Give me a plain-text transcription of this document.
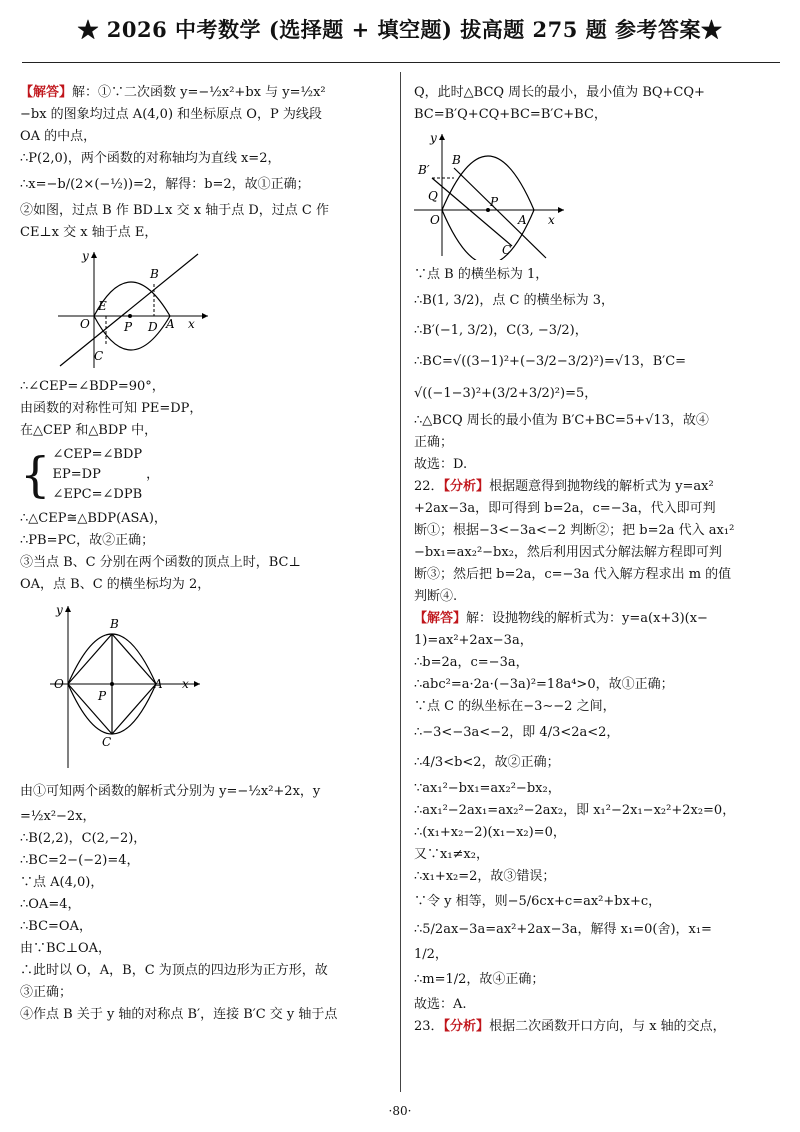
★ 2026 中考数学 (选择题 + 填空题) 拔高题 275 题 参考答案★
【解答】解：①∵二次函数 y=−½x²+bx 与 y=½x²
−bx 的图象均过点 A(4,0) 和坐标原点 O，P 为线段
OA 的中点，
∴P(2,0)，两个函数的对称轴均为直线 x=2，
∴x=−b/(2×(−½))=2，解得：b=2，故①正确；
②如图，过点 B 作 BD⊥x 交 x 轴于点 D，过点 C 作
CE⊥x 交 x 轴于点 E，
y
B
E
O	P D A x
C
∴∠CEP=∠BDP=90°，
由函数的对称性可知 PE=DP，
在△CEP 和△BDP 中，
{ ∠CEP=∠BDP
EP=DP
∠EPC=∠DPB
，
∴△CEP≅△BDP(ASA)，
∴PB=PC，故②正确；
③当点 B、C 分别在两个函数的顶点上时，BC⊥
OA，点 B、C 的横坐标均为 2，
y
B
O
P
A x
C
由①可知两个函数的解析式分别为 y=−½x²+2x，y
=½x²−2x，
∴B(2,2)，C(2,−2)，
∴BC=2−(−2)=4，
∵点 A(4,0)，
∴OA=4，
∴BC=OA，
由∵BC⊥OA，
∴此时以 O，A，B，C 为顶点的四边形为正方形，故
③正确；
④作点 B 关于 y 轴的对称点 B′，连接 B′C 交 y 轴于点
Q，此时△BCQ 周长的最小，最小值为 BQ+CQ+
BC=B′Q+CQ+BC=B′C+BC，
y
B′
B
Q	P
O	A x
C
∵点 B 的横坐标为 1，
∴B(1, 3/2)，点 C 的横坐标为 3，
∴B′(−1, 3/2)，C(3, −3/2)，
∴BC=√((3−1)²+(−3/2−3/2)²)=√13，B′C=
√((−1−3)²+(3/2+3/2)²)=5，
∴△BCQ 周长的最小值为 B′C+BC=5+√13，故④
正确；
故选：D.
22．【分析】根据题意得到抛物线的解析式为 y=ax²
+2ax−3a，即可得到 b=2a，c=−3a，代入即可判
断①；根据−3<−3a<−2 判断②；把 b=2a 代入 ax₁²
−bx₁=ax₂²−bx₂，然后利用因式分解法解方程即可判
断③；然后把 b=2a，c=−3a 代入解方程求出 m 的值
判断④.
【解答】解：设抛物线的解析式为：y=a(x+3)(x−
1)=ax²+2ax−3a，
∴b=2a，c=−3a，
∴abc²=a·2a·(−3a)²=18a⁴>0，故①正确；
∵点 C 的纵坐标在−3∼−2 之间，
∴−3<−3a<−2，即 4/3<2a<2，
∴4/3<b<2，故②正确；
∵ax₁²−bx₁=ax₂²−bx₂，
∴ax₁²−2ax₁=ax₂²−2ax₂，即 x₁²−2x₁−x₂²+2x₂=0，
∴(x₁+x₂−2)(x₁−x₂)=0，
又∵x₁≠x₂，
∴x₁+x₂=2，故③错误；
∵令 y 相等，则−5/6cx+c=ax²+bx+c，
∴5/2ax−3a=ax²+2ax−3a，解得 x₁=0(舍)，x₁=
1/2，
∴m=1/2，故④正确；
故选：A.
23．【分析】根据二次函数开口方向，与 x 轴的交点，
·80·
